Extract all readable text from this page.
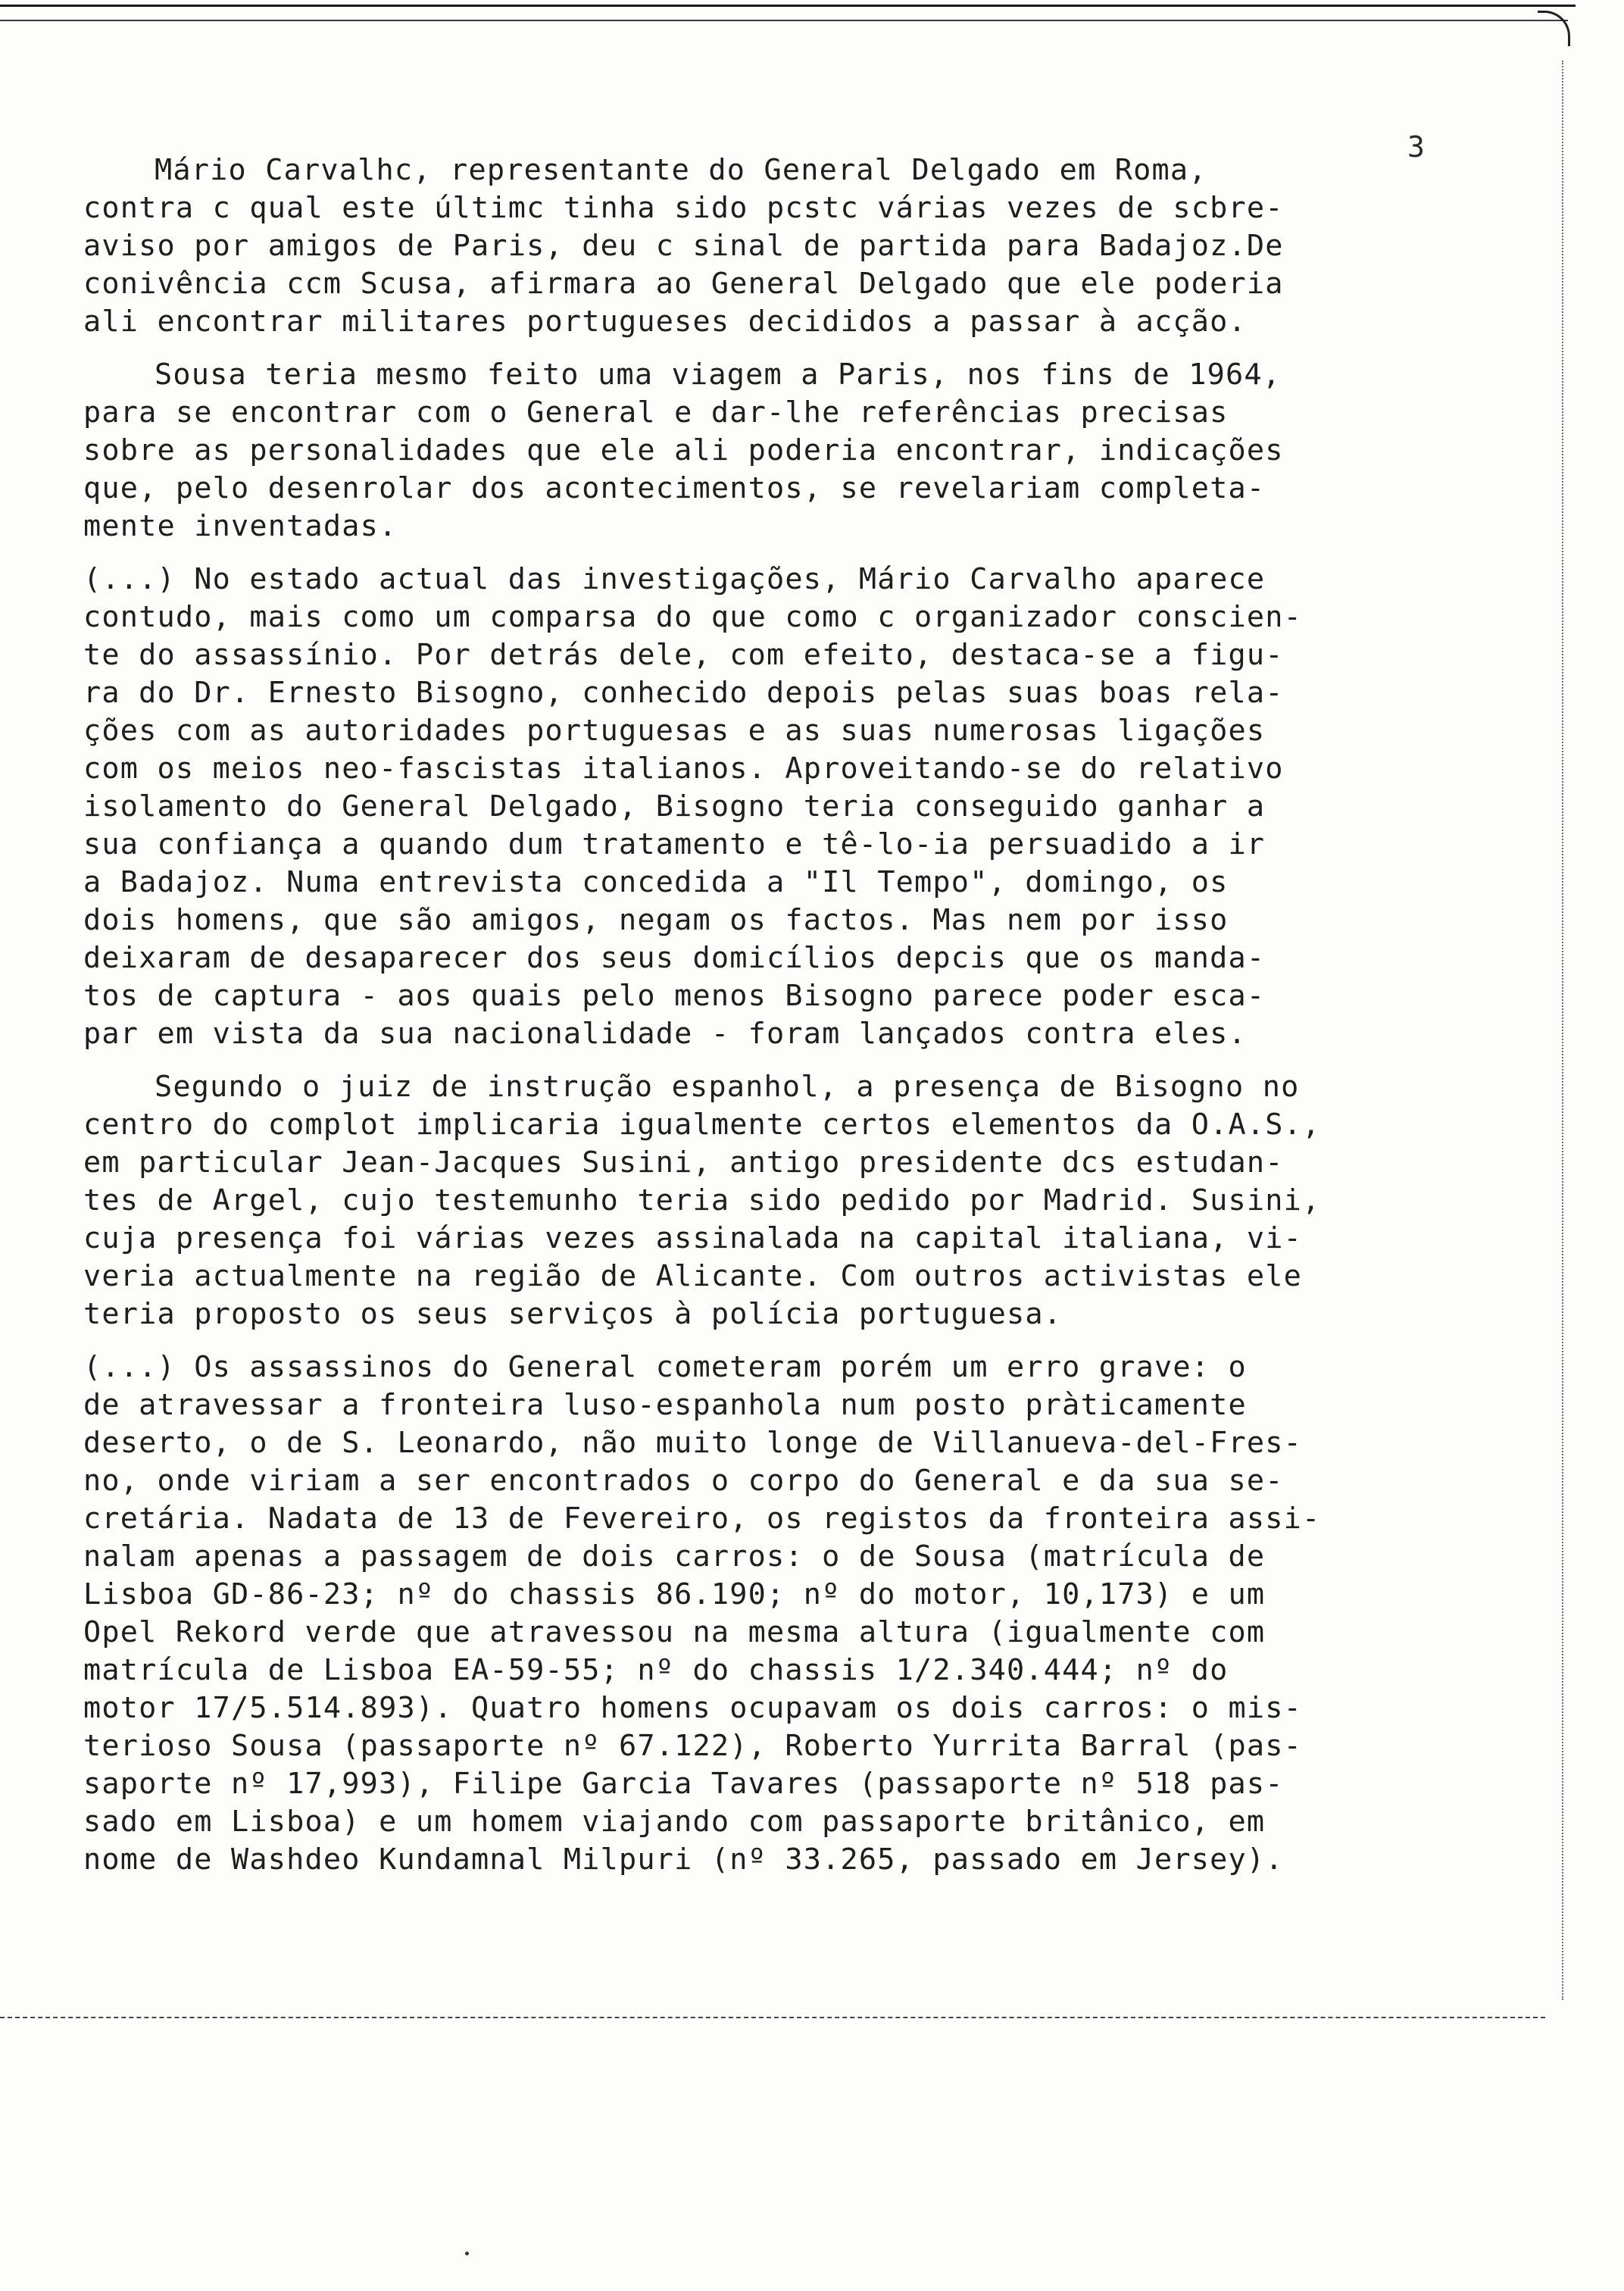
3

Mário Carvalhc, representante do General Delgado em Roma,
contra c qual este últimc tinha sido pcstc várias vezes de scbre-
aviso por amigos de Paris, deu c sinal de partida para Badajoz.De
conivência ccm Scusa, afirmara ao General Delgado que ele poderia
ali encontrar militares portugueses decididos a passar à acção.

Sousa teria mesmo feito uma viagem a Paris, nos fins de 1964,
para se encontrar com o General e dar-lhe referências precisas
sobre as personalidades que ele ali poderia encontrar, indicações
que, pelo desenrolar dos acontecimentos, se revelariam completa-
mente inventadas.

(...) No estado actual das investigações, Mário Carvalho aparece
contudo, mais como um comparsa do que como c organizador conscien-
te do assassínio. Por detrás dele, com efeito, destaca-se a figu-
ra do Dr. Ernesto Bisogno, conhecido depois pelas suas boas rela-
ções com as autoridades portuguesas e as suas numerosas ligações
com os meios neo-fascistas italianos. Aproveitando-se do relativo
isolamento do General Delgado, Bisogno teria conseguido ganhar a
sua confiança a quando dum tratamento e tê-lo-ia persuadido a ir
a Badajoz. Numa entrevista concedida a "Il Tempo", domingo, os
dois homens, que são amigos, negam os factos. Mas nem por isso
deixaram de desaparecer dos seus domicílios depcis que os manda-
tos de captura - aos quais pelo menos Bisogno parece poder esca-
par em vista da sua nacionalidade - foram lançados contra eles.

Segundo o juiz de instrução espanhol, a presença de Bisogno no
centro do complot implicaria igualmente certos elementos da O.A.S.,
em particular Jean-Jacques Susini, antigo presidente dcs estudan-
tes de Argel, cujo testemunho teria sido pedido por Madrid. Susini,
cuja presença foi várias vezes assinalada na capital italiana, vi-
veria actualmente na região de Alicante. Com outros activistas ele
teria proposto os seus serviços à polícia portuguesa.

(...) Os assassinos do General cometeram porém um erro grave: o
de atravessar a fronteira luso-espanhola num posto pràticamente
deserto, o de S. Leonardo, não muito longe de Villanueva-del-Fres-
no, onde viriam a ser encontrados o corpo do General e da sua se-
cretária. Nadata de 13 de Fevereiro, os registos da fronteira assi-
nalam apenas a passagem de dois carros: o de Sousa (matrícula de
Lisboa GD-86-23; nº do chassis 86.190; nº do motor, 10,173) e um
Opel Rekord verde que atravessou na mesma altura (igualmente com
matrícula de Lisboa EA-59-55; nº do chassis 1/2.340.444; nº do
motor 17/5.514.893). Quatro homens ocupavam os dois carros: o mis-
terioso Sousa (passaporte nº 67.122), Roberto Yurrita Barral (pas-
saporte nº 17,993), Filipe Garcia Tavares (passaporte nº 518 pas-
sado em Lisboa) e um homem viajando com passaporte britânico, em
nome de Washdeo Kundamnal Milpuri (nº 33.265, passado em Jersey).
